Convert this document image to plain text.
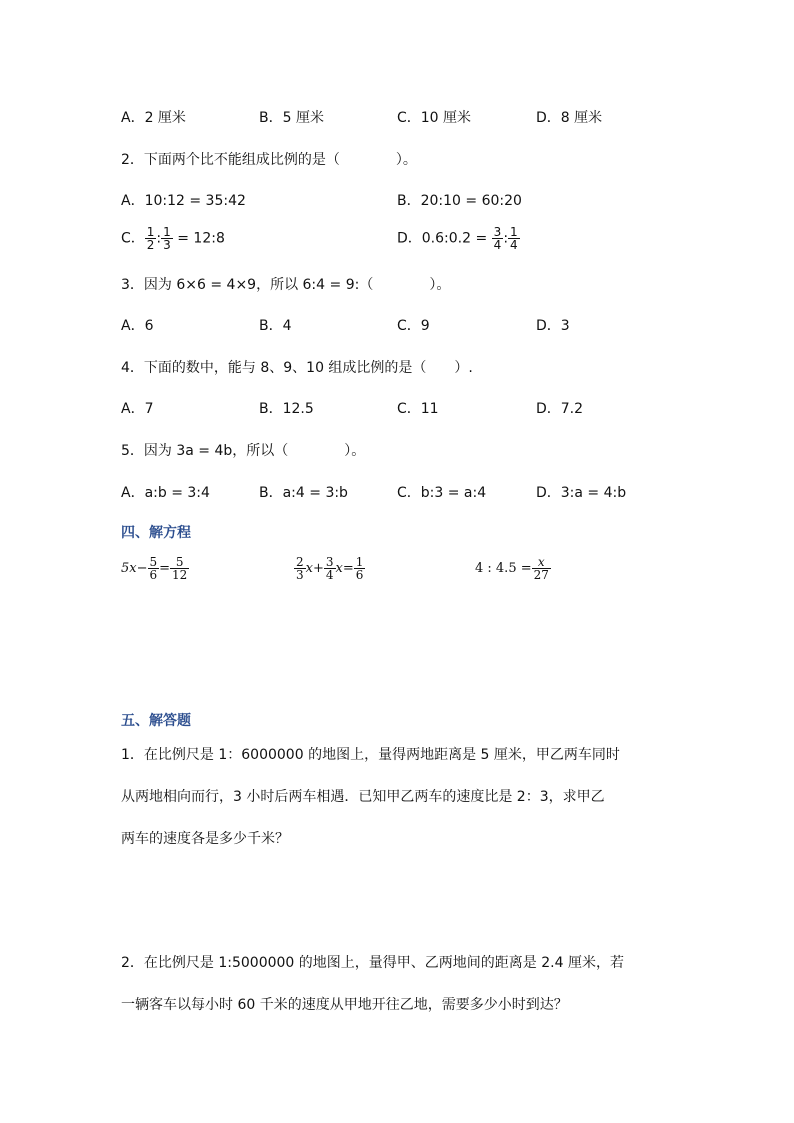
A．2 厘米	B．5 厘米	C．10 厘米	D．8 厘米
2．下面两个比不能组成比例的是（　　　　）。
A．10:12 = 35:42	B．20:10 = 60:20
C． $\frac{1}{2}$ : $\frac{1}{3}$ = 12:8	D．0.6:0.2 = $\frac{3}{4}$ : $\frac{1}{4}$
3．因为 6×6 = 4×9，所以 6:4 = 9:（　　　　）。
A．6	B．4	C．9	D．3
4．下面的数中，能与 8、9、10 组成比例的是（　　）.
A．7	B．12.5	C．11	D．7.2
5．因为 3a = 4b，所以（　　　　）。
A．a:b = 3:4	B．a:4 = 3:b	C．b:3 = a:4	D．3:a = 4:b
四、解方程
$5x- \frac{5}{6} = \frac{5}{12}$	$\frac{2}{3} x+ \frac{3}{4} x= \frac{1}{6}$	4 : $4.5 = \frac{x}{27}$
五、解答题
1．在比例尺是 1：6000000 的地图上，量得两地距离是 5 厘米，甲乙两车同时
从两地相向而行，3 小时后两车相遇．已知甲乙两车的速度比是 2：3，求甲乙
两车的速度各是多少千米？
2．在比例尺是 1:5000000 的地图上，量得甲、乙两地间的距离是 2.4 厘米，若
一辆客车以每小时 60 千米的速度从甲地开往乙地，需要多少小时到达？
